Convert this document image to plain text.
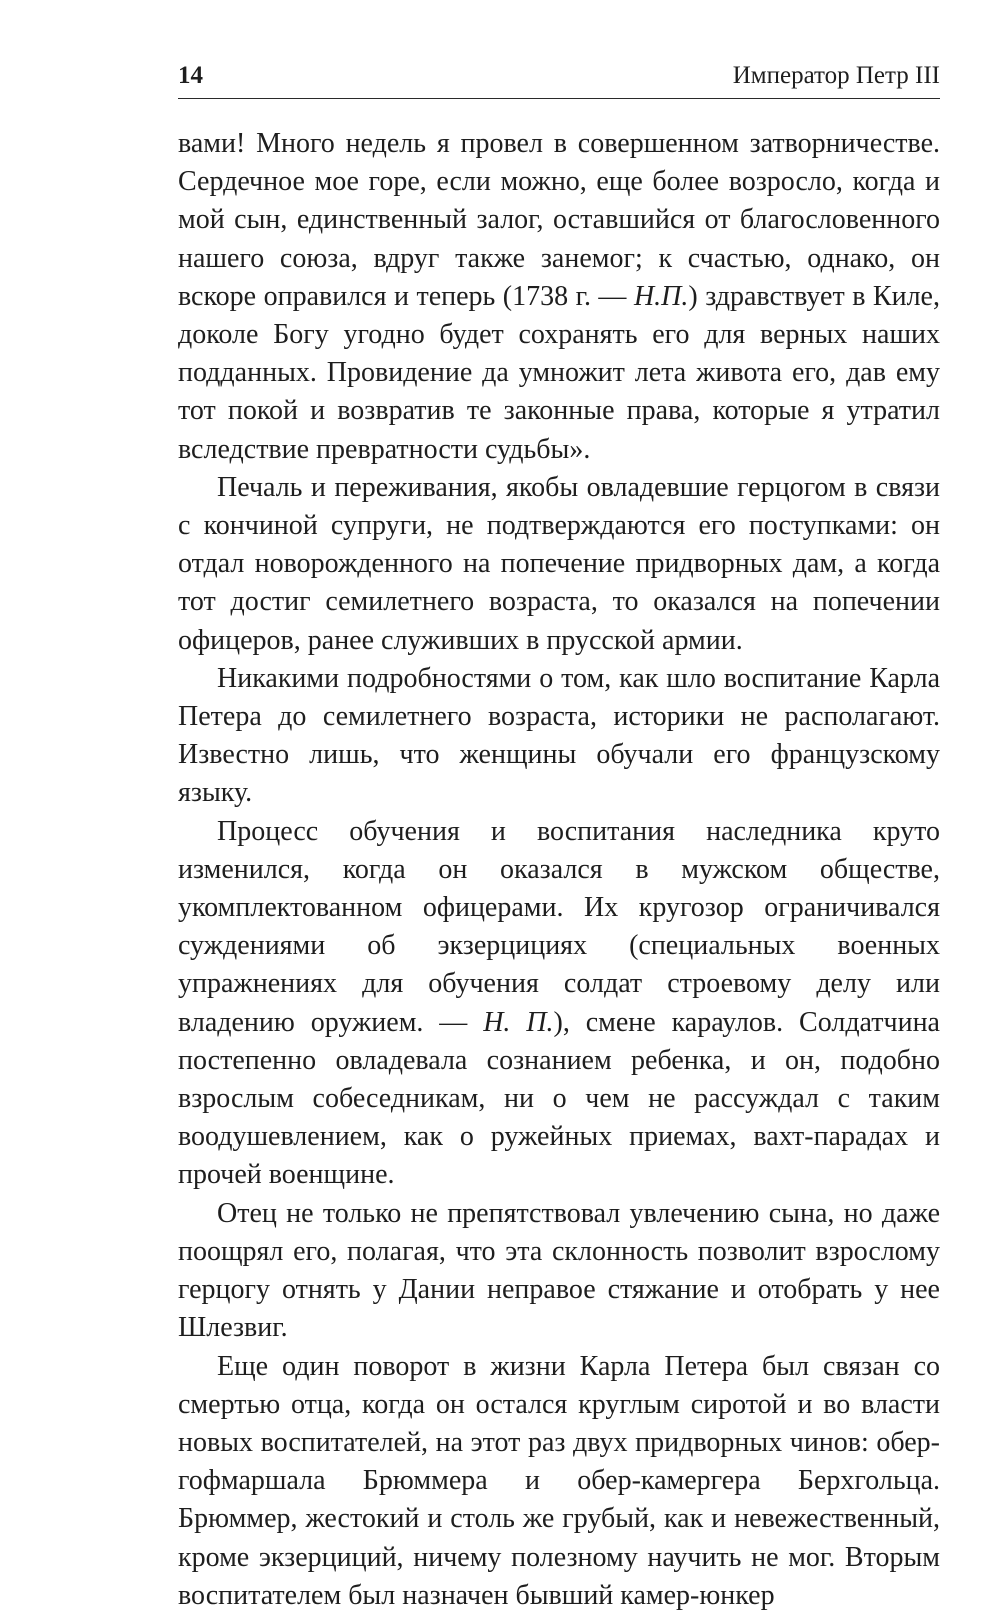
14	Император Петр III

вами! Много недель я провел в совершенном затворничестве. Сердечное мое горе, если можно, еще более возросло, когда и мой сын, единственный залог, оставшийся от благословенного нашего союза, вдруг также занемог; к счастью, однако, он вскоре оправился и теперь (1738 г. — Н.П.) здравствует в Киле, доколе Богу угодно будет сохранять его для верных наших подданных. Провидение да умножит лета живота его, дав ему тот покой и возвратив те законные права, которые я утратил вследствие превратности судьбы».

Печаль и переживания, якобы овладевшие герцогом в связи с кончиной супруги, не подтверждаются его поступками: он отдал новорожденного на попечение придворных дам, а когда тот достиг семилетнего возраста, то оказался на попечении офицеров, ранее служивших в прусской армии.

Никакими подробностями о том, как шло воспитание Карла Петера до семилетнего возраста, историки не располагают. Известно лишь, что женщины обучали его французскому языку.

Процесс обучения и воспитания наследника круто изменился, когда он оказался в мужском обществе, укомплектованном офицерами. Их кругозор ограничивался суждениями об экзерцициях (специальных военных упражнениях для обучения солдат строевому делу или владению оружием. — Н. П.), смене караулов. Солдатчина постепенно овладевала сознанием ребенка, и он, подобно взрослым собеседникам, ни о чем не рассуждал с таким воодушевлением, как о ружейных приемах, вахт-парадах и прочей военщине.

Отец не только не препятствовал увлечению сына, но даже поощрял его, полагая, что эта склонность позволит взрослому герцогу отнять у Дании неправое стяжание и отобрать у нее Шлезвиг.

Еще один поворот в жизни Карла Петера был связан со смертью отца, когда он остался круглым сиротой и во власти новых воспитателей, на этот раз двух придворных чинов: обер-гофмаршала Брюммера и обер-камергера Берхгольца. Брюммер, жестокий и столь же грубый, как и невежественный, кроме экзерциций, ничему полезному научить не мог. Вторым воспитателем был назначен бывший камер-юнкер
